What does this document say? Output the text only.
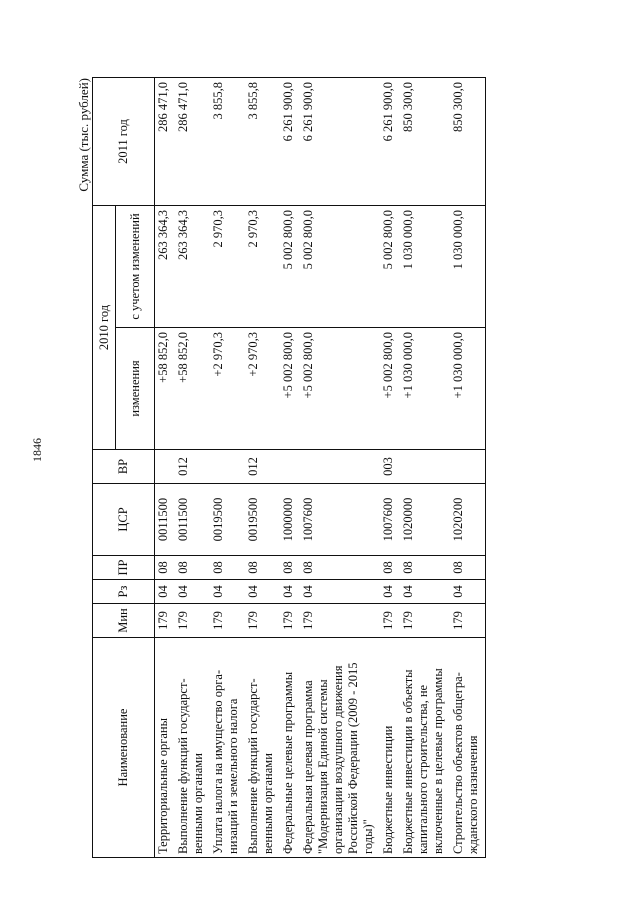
1846
Сумма (тыс. рублей)
Наименование	Мин	Рз	ПР	ЦСР	ВР	2010 год		2011 год
						изменения	с учетом изменений	
Территориальные органы	179	04	08	0011500		+58 852,0	263 364,3	286 471,0
Выполнение функций государст-венными органами	179	04	08	0011500	012	+58 852,0	263 364,3	286 471,0
Уплата налога на имущество орга-низаций и земельного налога	179	04	08	0019500		+2 970,3	2 970,3	3 855,8
Выполнение функций государст-венными органами	179	04	08	0019500	012	+2 970,3	2 970,3	3 855,8
Федеральные целевые программы	179	04	08	1000000		+5 002 800,0	5 002 800,0	6 261 900,0
Федеральная целевая программа "Модернизация Единой системы организации воздушного движения Российской Федерации (2009 - 2015 годы)"	179	04	08	1007600		+5 002 800,0	5 002 800,0	6 261 900,0
Бюджетные инвестиции	179	04	08	1007600	003	+5 002 800,0	5 002 800,0	6 261 900,0
Бюджетные инвестиции в объекты капитального строительства, не включенные в целевые программы	179	04	08	1020000		+1 030 000,0	1 030 000,0	850 300,0
Строительство объектов общегра-жданского назначения	179	04	08	1020200		+1 030 000,0	1 030 000,0	850 300,0
